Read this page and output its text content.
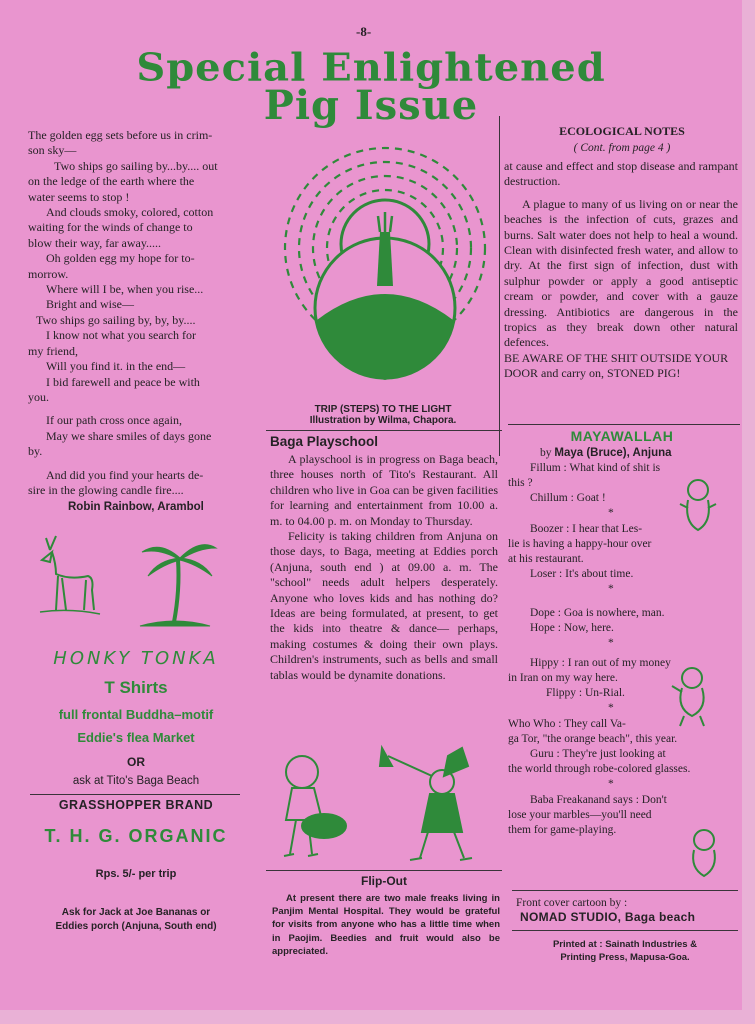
-8-
Special Enlightened
Pig Issue

The golden egg sets before us in crim-

son sky—

Two ships go sailing by...by.... out

on the ledge of the earth where the

water seems to stop !

And clouds smoky, colored, cotton

waiting for the winds of change to

blow their way, far away.....

Oh golden egg my hope for to-

morrow.

Where will I be, when you rise...

Bright and wise—

Two ships go sailing by, by, by....

I know not what you search for

my friend,

Will you find it. in the end—

I bid farewell and peace be with

you.

If our path cross once again,

May we share smiles of days gone

by.

And did you find your hearts de-

sire in the glowing candle fire....

Robin Rainbow, Arambol

HONKY TONKA
T Shirts
full frontal Buddha–motif
Eddie's flea Market
OR
ask at Tito's Baga Beach
GRASSHOPPER BRAND
T. H. G. ORGANIC
Rps. 5/- per trip
Ask for Jack at Joe Bananas or
Eddies porch (Anjuna, South end)
TRIP (STEPS) TO THE LIGHT
Illustration by Wilma, Chapora.
Baga Playschool

A playschool is in progress on Baga beach, three houses north of Tito's Restaurant. All children who live in Goa can be given facilities for learning and entertainment from 10.00 a. m. to 04.00 p. m. on Monday to Thursday.

Felicity is taking children from Anjuna on those days, to Baga, meeting at Eddies porch (Anjuna, south end ) at 09.00 a. m. The "school" needs adult helpers desperately. Anyone who loves kids and has nothing do? Ideas are being formulated, at present, to get the kids into theatre & dance— perhaps, making costumes & doing their own plays. Children's instruments, such as bells and small tablas would be dynamite donations.

Flip-Out
At present there are two male freaks living in Panjim Mental Hospital. They would be grateful for visits from anyone who has a little time when in Paojim. Beedies and fruit would also be appreciated.
ECOLOGICAL NOTES
( Cont. from page 4 )

at cause and effect and stop disease and rampant destruction.

A plague to many of us living on or near the beaches is the infection of cuts, grazes and burns. Salt water does not help to heal a wound. Clean with disinfected fresh water, and allow to dry. At the first sign of infection, dust with sulphur powder or apply a good antiseptic cream or powder, and cover with a gauze dressing. Antibiotics are dangerous in the tropics as they break down other natural defences.

BE AWARE OF THE SHIT OUTSIDE YOUR DOOR and carry on, STONED PIG!

MAYAWALLAH
by Maya (Bruce), Anjuna

Fillum : What kind of shit is

this ?

Chillum : Goat !

*

Boozer : I hear that Les-

lie is having a happy-hour over

at his restaurant.

Loser : It's about time.

*

Dope : Goa is nowhere, man.

Hope : Now, here.

*

Hippy : I ran out of my money

in Iran on my way here.

Flippy : Un-Rial.

*

Who Who : They call Va-

ga Tor, "the orange beach", this year.

Guru : They're just looking at

the world through robe-colored glasses.

*

Baba Freakanand says : Don't

lose your marbles—you'll need

them for game-playing.

Front cover cartoon by :
NOMAD STUDIO, Baga beach
Printed at : Sainath Industries &
Printing Press, Mapusa-Goa.
